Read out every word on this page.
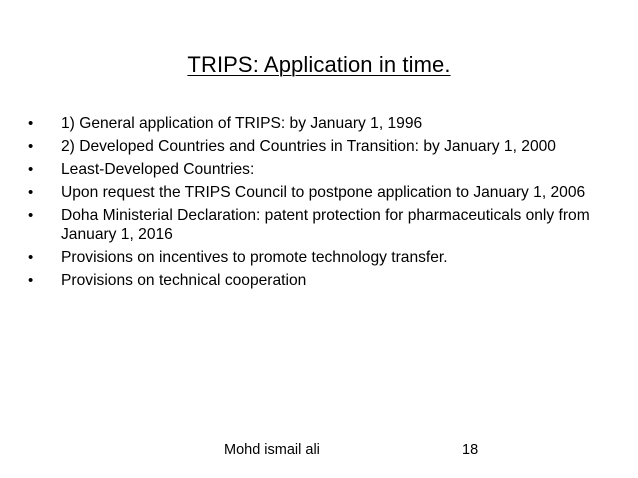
TRIPS: Application in time.
• 1) General application of TRIPS: by January 1, 1996
• 2) Developed Countries and Countries in Transition: by January 1, 2000
• Least-Developed Countries:
• Upon request the TRIPS Council to postpone application to January 1, 2006
• Doha Ministerial Declaration: patent protection for pharmaceuticals only from January 1, 2016
• Provisions on incentives to promote technology transfer.
• Provisions on technical cooperation
Mohd ismail ali	18
